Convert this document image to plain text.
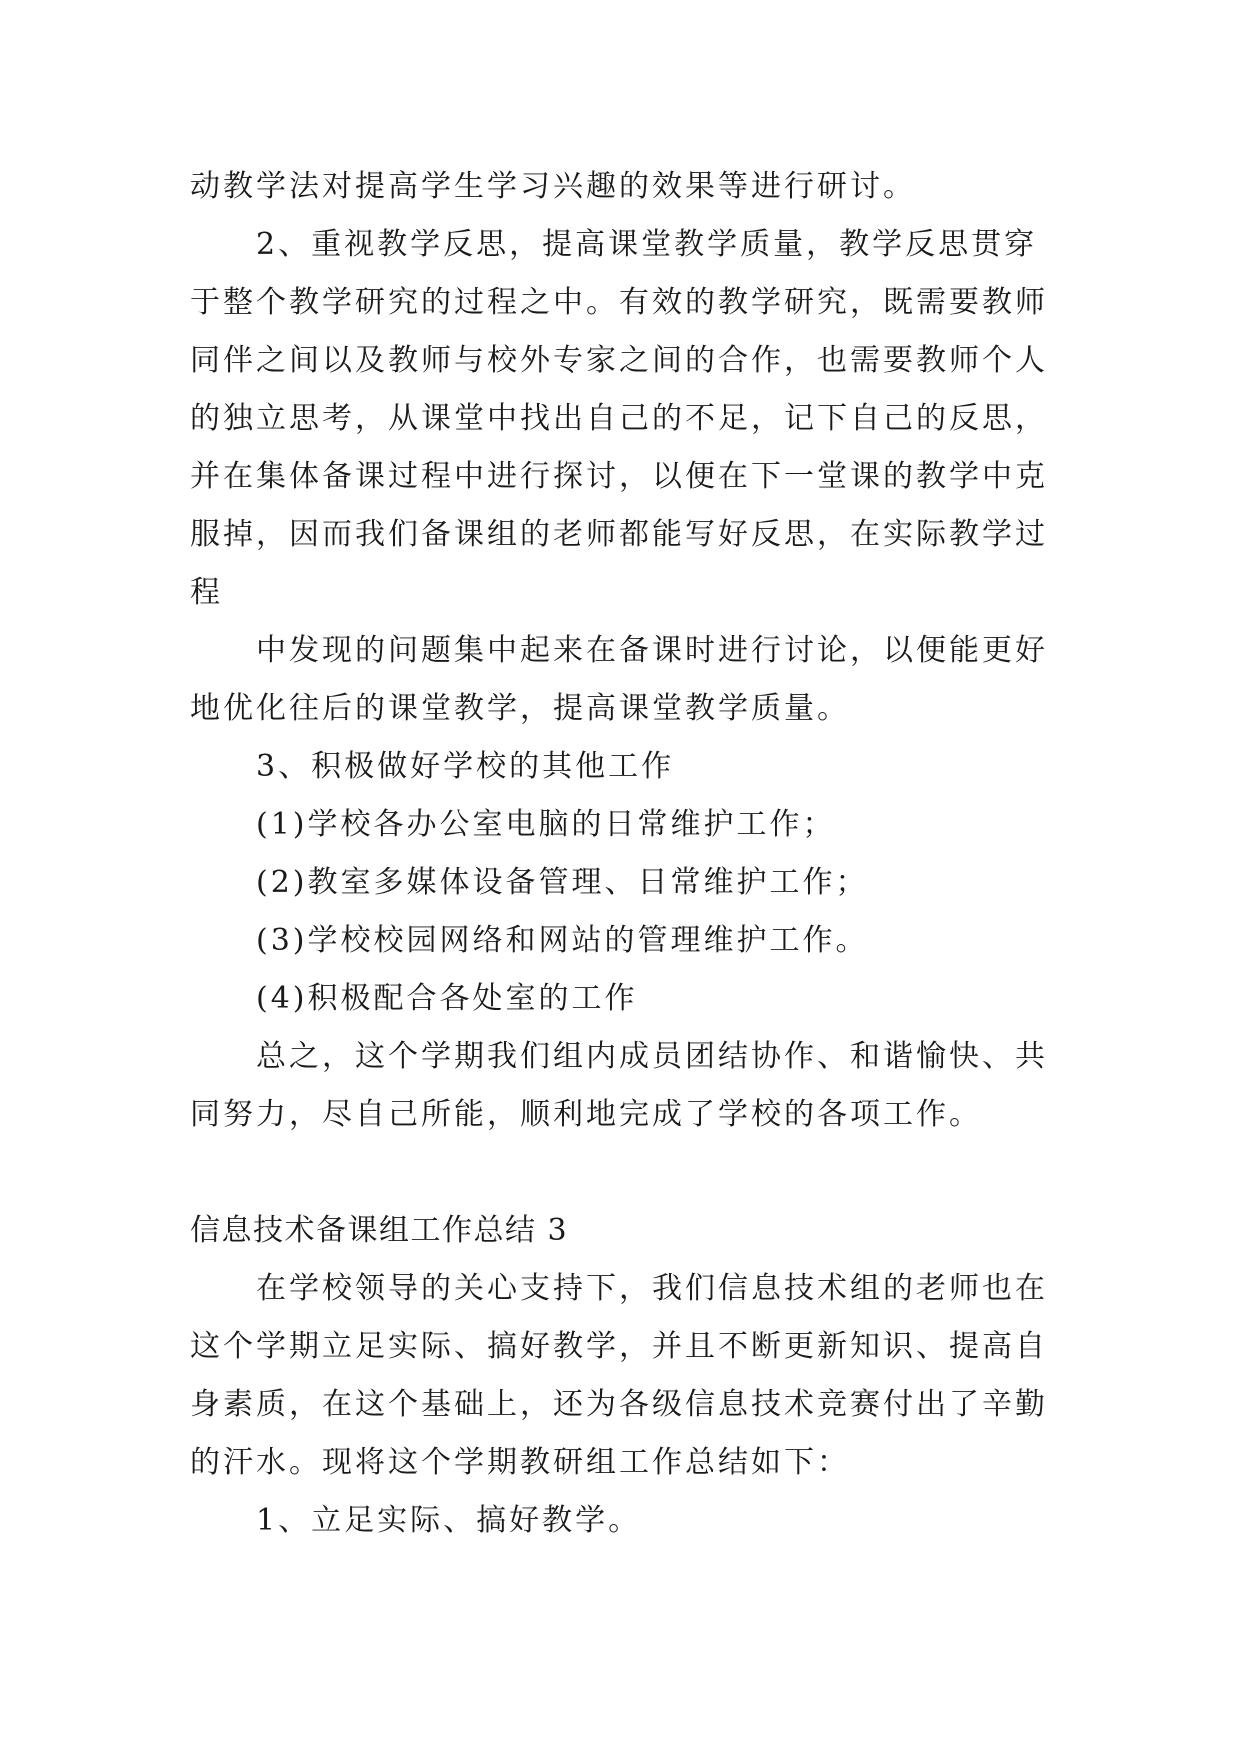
动教学法对提高学生学习兴趣的效果等进行研讨。
2、重视教学反思，提高课堂教学质量，教学反思贯穿
于整个教学研究的过程之中。有效的教学研究，既需要教师
同伴之间以及教师与校外专家之间的合作，也需要教师个人
的独立思考，从课堂中找出自己的不足，记下自己的反思，
并在集体备课过程中进行探讨，以便在下一堂课的教学中克
服掉，因而我们备课组的老师都能写好反思，在实际教学过
程
中发现的问题集中起来在备课时进行讨论，以便能更好
地优化往后的课堂教学，提高课堂教学质量。
3、积极做好学校的其他工作
(1)学校各办公室电脑的日常维护工作；
(2)教室多媒体设备管理、日常维护工作；
(3)学校校园网络和网站的管理维护工作。
(4)积极配合各处室的工作
总之，这个学期我们组内成员团结协作、和谐愉快、共
同努力，尽自己所能，顺利地完成了学校的各项工作。
信息技术备课组工作总结 3
在学校领导的关心支持下，我们信息技术组的老师也在
这个学期立足实际、搞好教学，并且不断更新知识、提高自
身素质，在这个基础上，还为各级信息技术竞赛付出了辛勤
的汗水。现将这个学期教研组工作总结如下：
1、立足实际、搞好教学。
